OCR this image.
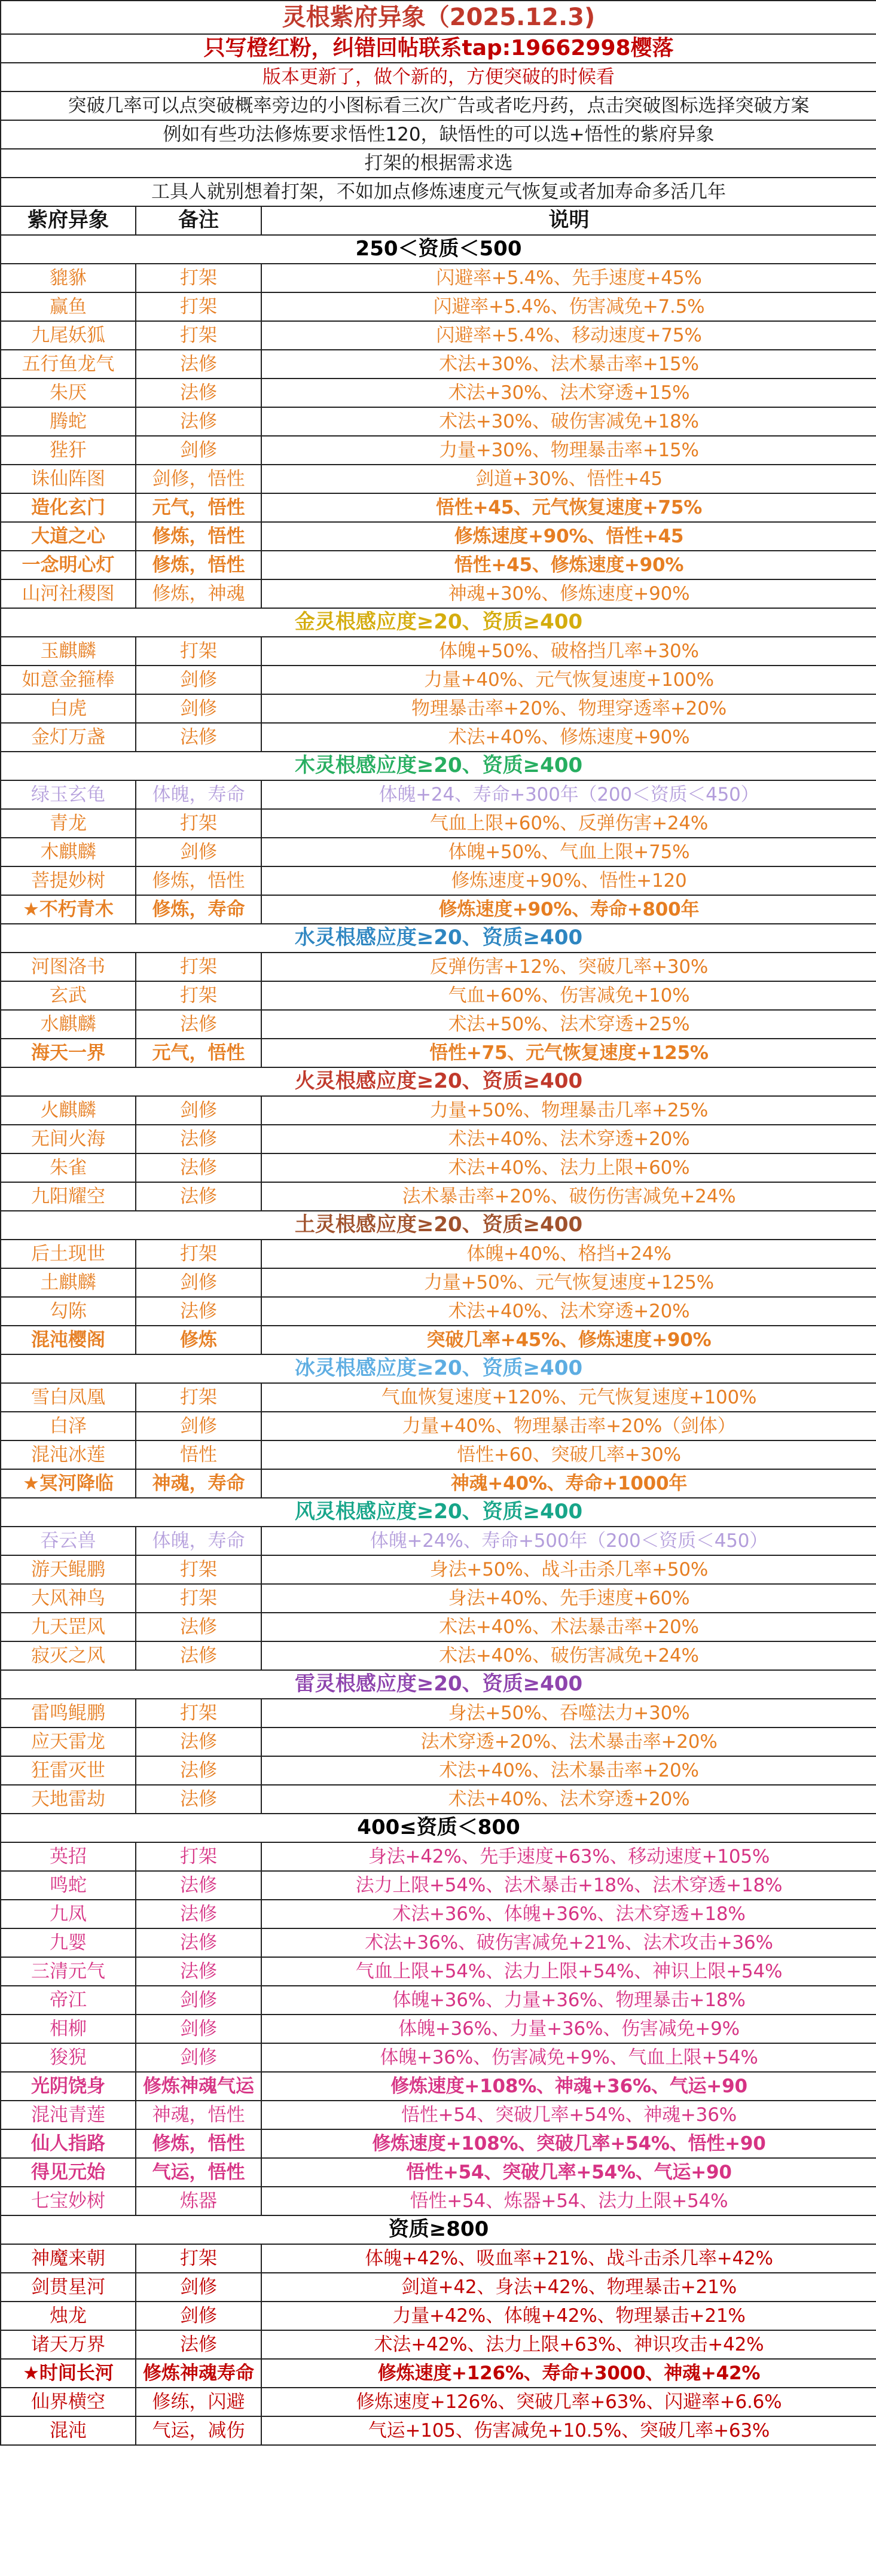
灵根紫府异象（2025.12.3)		
只写橙红粉，纠错回帖联系tap:19662998樱落		
版本更新了，做个新的，方便突破的时候看		
突破几率可以点突破概率旁边的小图标看三次广告或者吃丹药，点击突破图标选择突破方案		
例如有些功法修炼要求悟性120，缺悟性的可以选+悟性的紫府异象		
打架的根据需求选		
工具人就别想着打架，不如加点修炼速度元气恢复或者加寿命多活几年		
紫府异象	备注	说明
250＜资质＜500		
貔貅	打架	闪避率+5.4%、先手速度+45%
赢鱼	打架	闪避率+5.4%、伤害减免+7.5%
九尾妖狐	打架	闪避率+5.4%、移动速度+75%
五行鱼龙气	法修	术法+30%、法术暴击率+15%
朱厌	法修	术法+30%、法术穿透+15%
腾蛇	法修	术法+30%、破伤害减免+18%
狴犴	剑修	力量+30%、物理暴击率+15%
诛仙阵图	剑修，悟性	剑道+30%、悟性+45
造化玄门	元气，悟性	悟性+45、元气恢复速度+75%
大道之心	修炼，悟性	修炼速度+90%、悟性+45
一念明心灯	修炼，悟性	悟性+45、修炼速度+90%
山河社稷图	修炼，神魂	神魂+30%、修炼速度+90%
金灵根感应度≥20、资质≥400		
玉麒麟	打架	体魄+50%、破格挡几率+30%
如意金箍棒	剑修	力量+40%、元气恢复速度+100%
白虎	剑修	物理暴击率+20%、物理穿透率+20%
金灯万盏	法修	术法+40%、修炼速度+90%
木灵根感应度≥20、资质≥400		
绿玉玄龟	体魄，寿命	体魄+24、寿命+300年（200＜资质＜450）
青龙	打架	气血上限+60%、反弹伤害+24%
木麒麟	剑修	体魄+50%、气血上限+75%
菩提妙树	修炼，悟性	修炼速度+90%、悟性+120
★不朽青木	修炼，寿命	修炼速度+90%、寿命+800年
水灵根感应度≥20、资质≥400		
河图洛书	打架	反弹伤害+12%、突破几率+30%
玄武	打架	气血+60%、伤害减免+10%
水麒麟	法修	术法+50%、法术穿透+25%
海天一界	元气，悟性	悟性+75、元气恢复速度+125%
火灵根感应度≥20、资质≥400		
火麒麟	剑修	力量+50%、物理暴击几率+25%
无间火海	法修	术法+40%、法术穿透+20%
朱雀	法修	术法+40%、法力上限+60%
九阳耀空	法修	法术暴击率+20%、破伤伤害减免+24%
土灵根感应度≥20、资质≥400		
后土现世	打架	体魄+40%、格挡+24%
土麒麟	剑修	力量+50%、元气恢复速度+125%
勾陈	法修	术法+40%、法术穿透+20%
混沌樱阁	修炼	突破几率+45%、修炼速度+90%
冰灵根感应度≥20、资质≥400		
雪白凤凰	打架	气血恢复速度+120%、元气恢复速度+100%
白泽	剑修	力量+40%、物理暴击率+20%（剑体）
混沌冰莲	悟性	悟性+60、突破几率+30%
★冥河降临	神魂，寿命	神魂+40%、寿命+1000年
风灵根感应度≥20、资质≥400		
吞云兽	体魄，寿命	体魄+24%、寿命+500年（200＜资质＜450）
游天鲲鹏	打架	身法+50%、战斗击杀几率+50%
大风神鸟	打架	身法+40%、先手速度+60%
九天罡风	法修	术法+40%、术法暴击率+20%
寂灭之风	法修	术法+40%、破伤害减免+24%
雷灵根感应度≥20、资质≥400		
雷鸣鲲鹏	打架	身法+50%、吞噬法力+30%
应天雷龙	法修	法术穿透+20%、法术暴击率+20%
狂雷灭世	法修	术法+40%、法术暴击率+20%
天地雷劫	法修	术法+40%、法术穿透+20%
400≤资质＜800		
英招	打架	身法+42%、先手速度+63%、移动速度+105%
鸣蛇	法修	法力上限+54%、法术暴击+18%、法术穿透+18%
九凤	法修	术法+36%、体魄+36%、法术穿透+18%
九婴	法修	术法+36%、破伤害减免+21%、法术攻击+36%
三清元气	法修	气血上限+54%、法力上限+54%、神识上限+54%
帝江	剑修	体魄+36%、力量+36%、物理暴击+18%
相柳	剑修	体魄+36%、力量+36%、伤害减免+9%
狻猊	剑修	体魄+36%、伤害减免+9%、气血上限+54%
光阴饶身	修炼神魂气运	修炼速度+108%、神魂+36%、气运+90
混沌青莲	神魂，悟性	悟性+54、突破几率+54%、神魂+36%
仙人指路	修炼，悟性	修炼速度+108%、突破几率+54%、悟性+90
得见元始	气运，悟性	悟性+54、突破几率+54%、气运+90
七宝妙树	炼器	悟性+54、炼器+54、法力上限+54%
资质≥800		
神魔来朝	打架	体魄+42%、吸血率+21%、战斗击杀几率+42%
剑贯星河	剑修	剑道+42、身法+42%、物理暴击+21%
烛龙	剑修	力量+42%、体魄+42%、物理暴击+21%
诸天万界	法修	术法+42%、法力上限+63%、神识攻击+42%
★时间长河	修炼神魂寿命	修炼速度+126%、寿命+3000、神魂+42%
仙界横空	修练，闪避	修炼速度+126%、突破几率+63%、闪避率+6.6%
混沌	气运，减伤	气运+105、伤害减免+10.5%、突破几率+63%
